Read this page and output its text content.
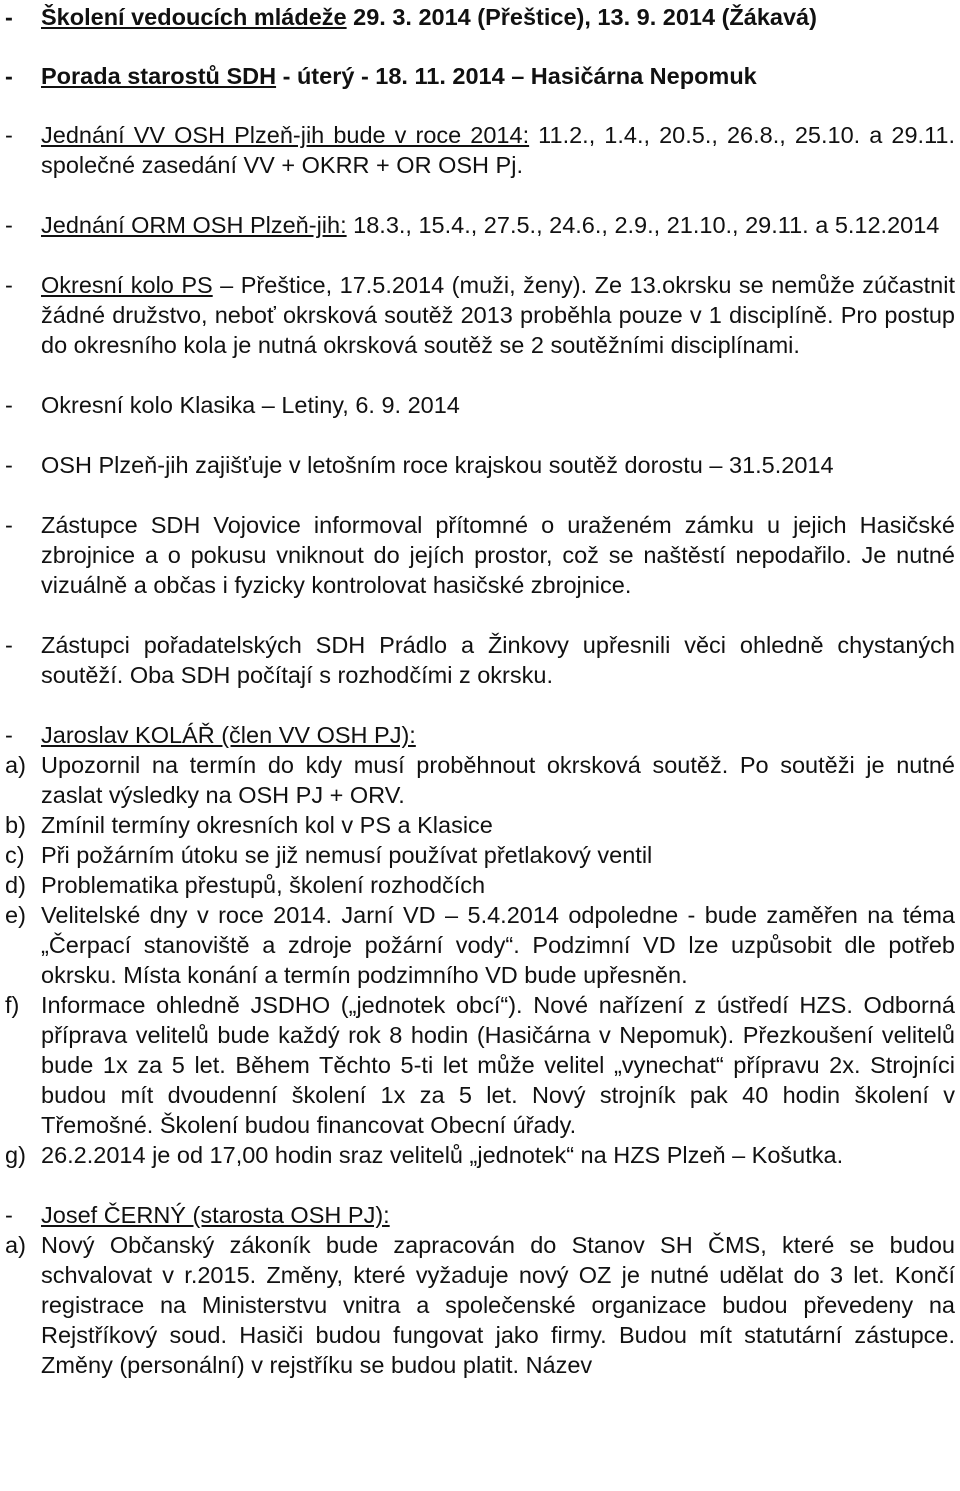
-	Školení vedoucích mládeže 29. 3. 2014 (Přeštice), 13. 9. 2014 (Žákavá)
-	Porada starostů SDH - úterý - 18. 11. 2014 – Hasičárna Nepomuk
-	Jednání VV OSH Plzeň-jih bude v roce 2014: 11.2., 1.4., 20.5., 26.8., 25.10. a 29.11. společné zasedání VV + OKRR + OR OSH Pj.
-	Jednání ORM OSH Plzeň-jih: 18.3., 15.4., 27.5., 24.6., 2.9., 21.10., 29.11. a 5.12.2014
-	Okresní kolo PS – Přeštice, 17.5.2014 (muži, ženy). Ze 13.okrsku se nemůže zúčastnit žádné družstvo, neboť okrsková soutěž 2013 proběhla pouze v 1 disciplíně. Pro postup do okresního kola je nutná okrsková soutěž se 2 soutěžními disciplínami.
-	Okresní kolo Klasika – Letiny, 6. 9. 2014
-	OSH Plzeň-jih zajišťuje v letošním roce krajskou soutěž dorostu – 31.5.2014
-	Zástupce SDH Vojovice informoval přítomné o uraženém zámku u jejich Hasičské zbrojnice a o pokusu vniknout do jejích prostor, což se naštěstí nepodařilo. Je nutné vizuálně a občas i fyzicky kontrolovat hasičské zbrojnice.
-	Zástupci pořadatelských SDH Prádlo a Žinkovy upřesnili věci ohledně chystaných soutěží. Oba SDH počítají s rozhodčími z okrsku.
-	Jaroslav KOLÁŘ (člen VV OSH PJ):
a) Upozornil na termín do kdy musí proběhnout okrsková soutěž. Po soutěži je nutné zaslat výsledky na OSH PJ + ORV.
b) Zmínil termíny okresních kol v PS a Klasice
c) Při požárním útoku se již nemusí používat přetlakový ventil
d) Problematika přestupů, školení rozhodčích
e) Velitelské dny v roce 2014. Jarní VD – 5.4.2014 odpoledne - bude zaměřen na téma „Čerpací stanoviště a zdroje požární vody“. Podzimní VD lze uzpůsobit dle potřeb okrsku. Místa konání a termín podzimního VD bude upřesněn.
f) Informace ohledně JSDHO („jednotek obcí“). Nové nařízení z ústředí HZS. Odborná příprava velitelů bude každý rok 8 hodin (Hasičárna v Nepomuk). Přezkoušení velitelů bude 1x za 5 let. Během Těchto 5-ti let může velitel „vynechat“ přípravu 2x. Strojníci budou mít dvoudenní školení 1x za 5 let. Nový strojník pak 40 hodin školení v Třemošné. Školení budou financovat Obecní úřady.
g) 26.2.2014 je od 17,00 hodin sraz velitelů „jednotek“ na HZS Plzeň – Košutka.
-	Josef ČERNÝ (starosta OSH PJ):
a) Nový Občanský zákoník bude zapracován do Stanov SH ČMS, které se budou schvalovat v r.2015. Změny, které vyžaduje nový OZ je nutné udělat do 3 let. Končí registrace na Ministerstvu vnitra a společenské organizace budou převedeny na Rejstříkový soud. Hasiči budou fungovat jako firmy. Budou mít statutární zástupce. Změny (personální) v rejstříku se budou platit. Název
